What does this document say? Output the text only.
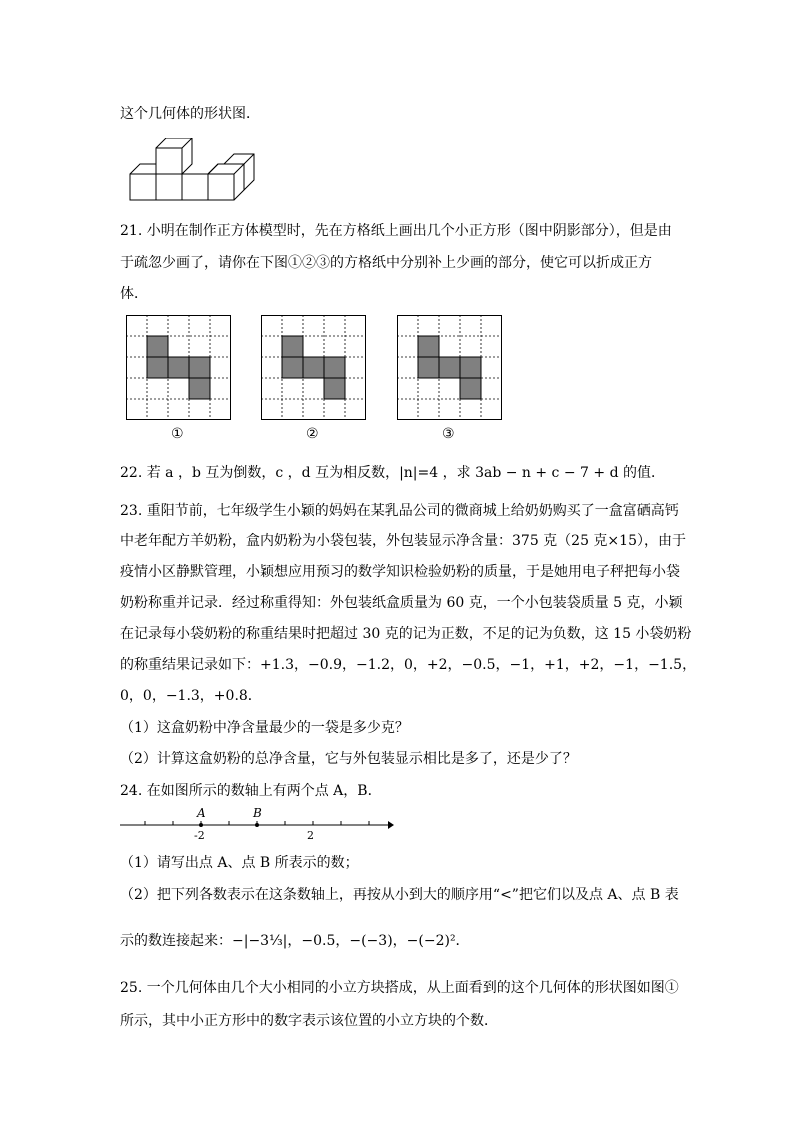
这个几何体的形状图．
21. 小明在制作正方体模型时，先在方格纸上画出几个小正方形（图中阴影部分），但是由
于疏忽少画了，请你在下图①②③的方格纸中分别补上少画的部分，使它可以折成正方
体．
①	②	③
22. 若 a ，b 互为倒数，c ，d 互为相反数，|n|=4 ，求 3ab − n + c − 7 + d 的值．
23. 重阳节前，七年级学生小颖的妈妈在某乳品公司的微商城上给奶奶购买了一盒富硒高钙
中老年配方羊奶粉，盒内奶粉为小袋包装，外包装显示净含量：375 克（25 克×15），由于
疫情小区静默管理，小颖想应用预习的数学知识检验奶粉的质量，于是她用电子秤把每小袋
奶粉称重并记录．经过称重得知：外包装纸盒质量为 60 克，一个小包装袋质量 5 克，小颖
在记录每小袋奶粉的称重结果时把超过 30 克的记为正数，不足的记为负数，这 15 小袋奶粉
的称重结果记录如下：+1.3，−0.9，−1.2，0，+2，−0.5，−1，+1，+2，−1，−1.5，
0，0，−1.3，+0.8．
（1）这盒奶粉中净含量最少的一袋是多少克？
（2）计算这盒奶粉的总净含量，它与外包装显示相比是多了，还是少了？
24. 在如图所示的数轴上有两个点 A，B．
A	B
-2	2
（1）请写出点 A、点 B 所表示的数；
（2）把下列各数表示在这条数轴上，再按从小到大的顺序用“<”把它们以及点 A、点 B 表
示的数连接起来：−|−3⅓|，−0.5，−(−3)，−(−2)²．
25. 一个几何体由几个大小相同的小立方块搭成，从上面看到的这个几何体的形状图如图①
所示，其中小正方形中的数字表示该位置的小立方块的个数．
